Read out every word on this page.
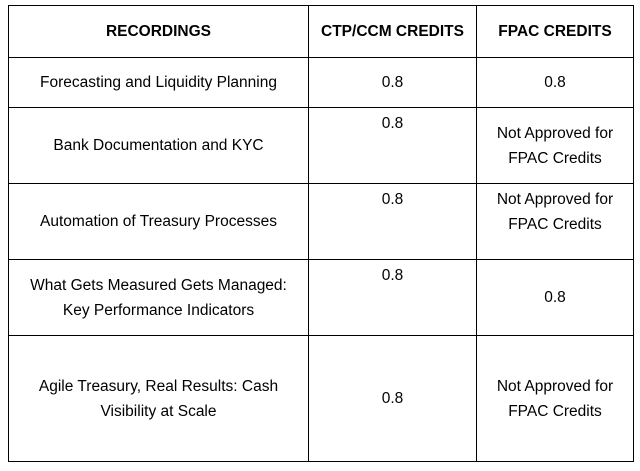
RECORDINGS	CTP/CCM CREDITS	FPAC CREDITS
Forecasting and Liquidity Planning	0.8	0.8
Bank Documentation and KYC	0.8	Not Approved for FPAC Credits
Automation of Treasury Processes	0.8	Not Approved for FPAC Credits
What Gets Measured Gets Managed: Key Performance Indicators	0.8	0.8
Agile Treasury, Real Results: Cash Visibility at Scale	0.8	Not Approved for FPAC Credits
